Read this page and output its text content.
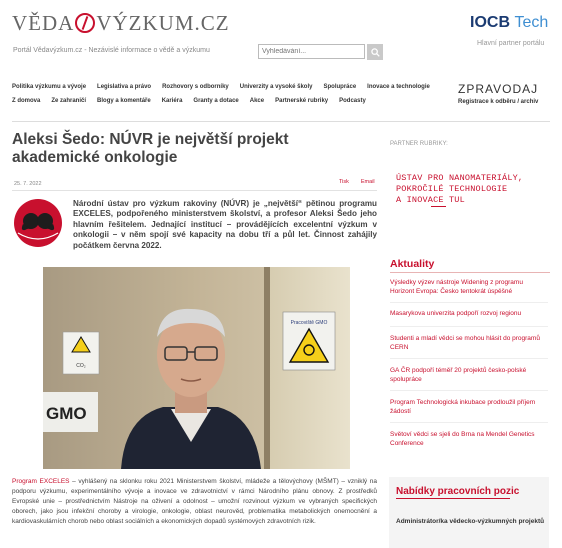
VĚDA VÝZKUM.CZ
Portál Vědavýzkum.cz - Nezávislé informace o vědě a výzkumu
Vyhledávání...
IOCB Tech
Hlavní partner portálu
Politika výzkumu a vývoje Legislativa a právo Rozhovory s odborníky Univerzity a vysoké školy Spolupráce Inovace a technologie
Z domova Ze zahraničí Blogy a komentáře Kariéra Granty a dotace Akce Partnerské rubriky Podcasty
ZPRAVODAJ
Registrace k odběru / archiv
Aleksi Šedo: NÚVR je největší projekt akademické onkologie
25. 7. 2022	Tisk Email

Národní ústav pro výzkum rakoviny (NÚVR) je „největší“ pětinou programu EXCELES, podpořeného ministerstvem školství, a profesor Aleksi Šedo jeho hlavním řešitelem. Jednající institucí – provádějících excelentní výzkum v onkologii – v něm spojí své kapacity na dobu tří a půl let. Činnost zahájily počátkem června 2022.

Pracoviště GMO
CO₂
GMO

Program EXCELES – vyhlášený na sklonku roku 2021 Ministerstvem školství, mládeže a tělovýchovy (MŠMT) – vzniklý na podporu výzkumu, experimentálního vývoje a inovace ve zdravotnictví v rámci Národního plánu obnovy. Z prostředků Evropské unie – prostřednictvím Nástroje na oživení a odolnost – umožní rozvinout výzkum ve vybraných specifických oborech, jako jsou infekční choroby a virologie, onkologie, oblast neurověd, problematika metabolických onemocnění a kardiovaskulárních chorob nebo oblast sociálních a ekonomických dopadů systémových zdravotních rizik.

PARTNER RUBRIKY:
ÚSTAV PRO NANOMATERIÁLY,
POKROČILÉ TECHNOLOGIE
A INOVACE TUL
Aktuality
Výsledky výzev nástroje Widening z programu Horizont Evropa: Česko tentokrát úspěšné
Masarykova univerzita podpoří rozvoj regionu
Studenti a mladí vědci se mohou hlásit do programů CERN
GA ČR podpoří téměř 20 projektů česko-polské spolupráce
Program Technologická inkubace prodloužil příjem žádostí
Světoví vědci se sjeli do Brna na Mendel Genetics Conference
Nabídky pracovních pozic
Administrátor/ka vědecko-výzkumných projektů
